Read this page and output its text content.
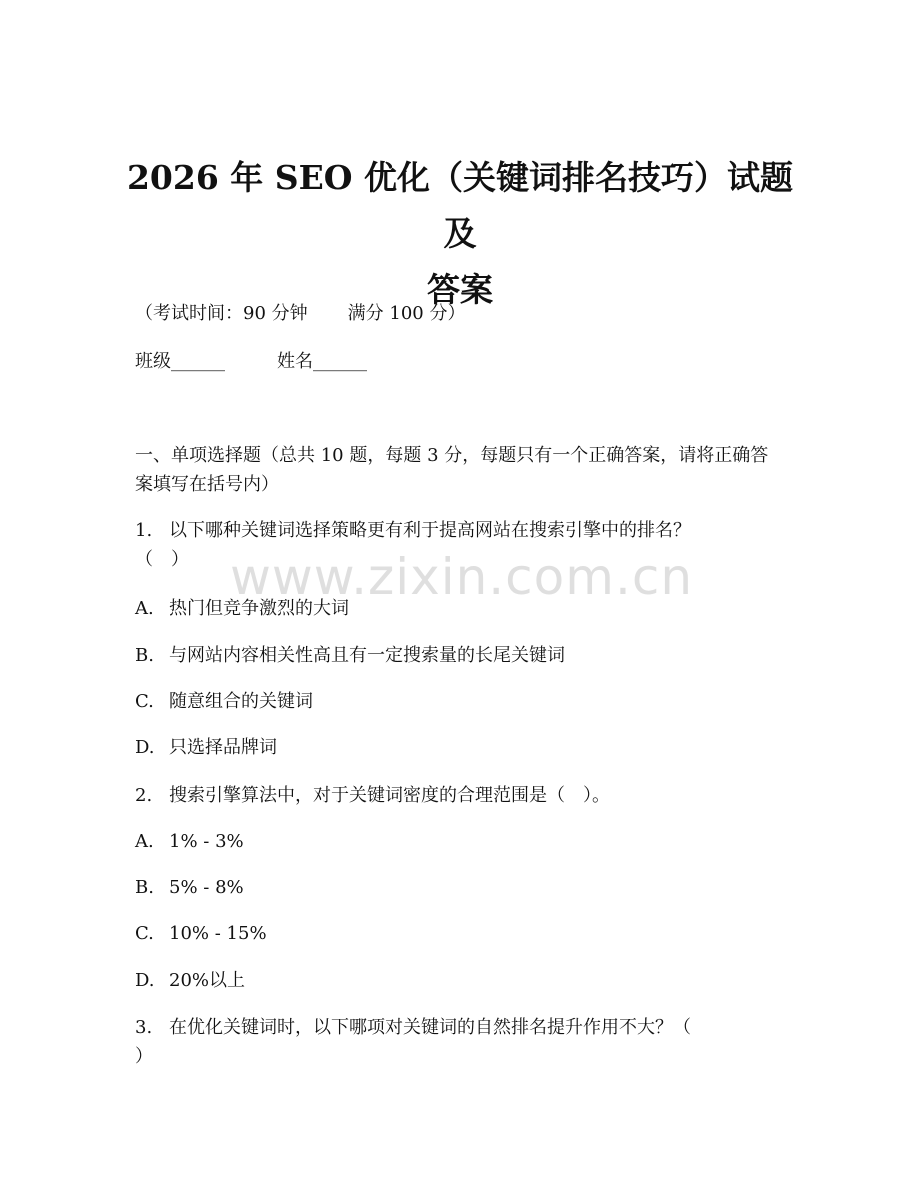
2026 年 SEO 优化（关键词排名技巧）试题及
答案
（考试时间：90 分钟 满分 100 分）
班级______	姓名______
一、单项选择题（总共 10 题，每题 3 分，每题只有一个正确答案，请将正确答案填写在括号内）
1. 以下哪种关键词选择策略更有利于提高网站在搜索引擎中的排名？
（　）
A. 热门但竞争激烈的大词
B. 与网站内容相关性高且有一定搜索量的长尾关键词
C. 随意组合的关键词
D. 只选择品牌词
2. 搜索引擎算法中，对于关键词密度的合理范围是（　）。
A. 1% - 3%
B. 5% - 8%
C. 10% - 15%
D. 20%以上
3. 在优化关键词时，以下哪项对关键词的自然排名提升作用不大？（
）
www.zixin.com.cn
